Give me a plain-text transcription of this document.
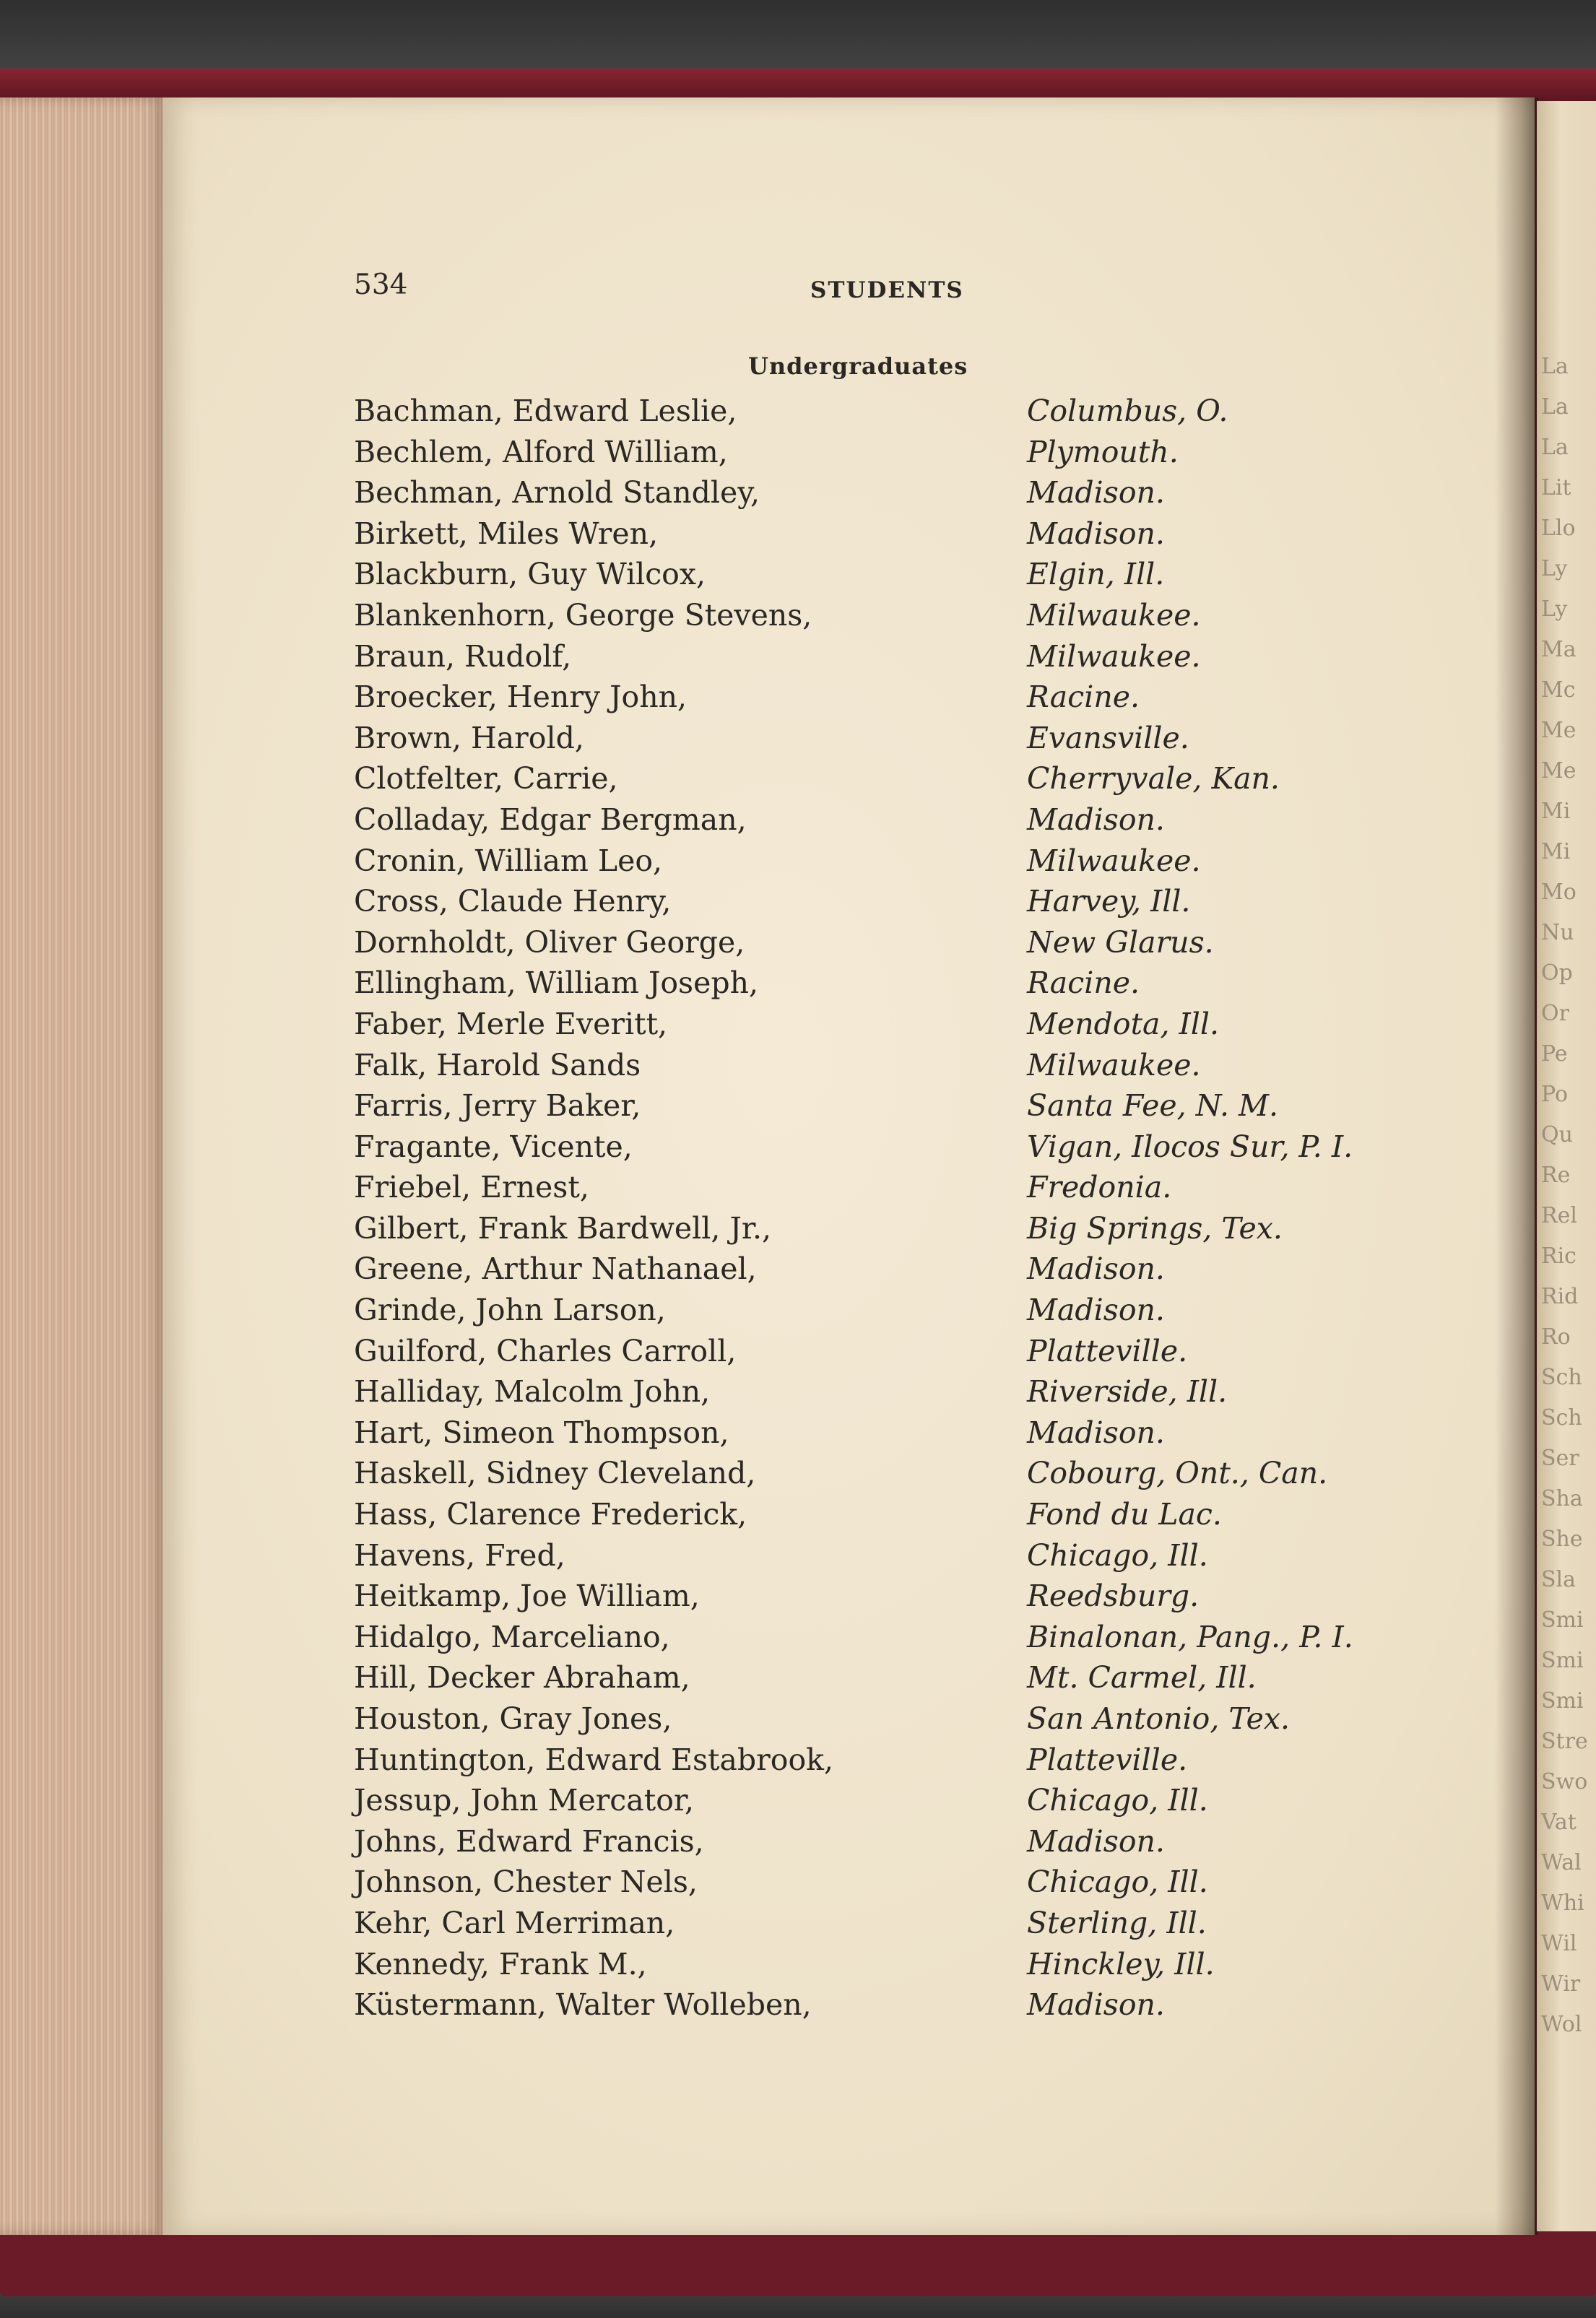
La
La
La
Lit
Llo
Ly
Ly
Ma
Mc
Me
Me
Mi
Mi
Mo
Nu
Op
Or
Pe
Po
Qu
Re
Rel
Ric
Rid
Ro
Sch
Sch
Ser
Sha
She
Sla
Smi
Smi
Smi
Stre
Swo
Vat
Wal
Whi
Wil
Wir
Wol
534	STUDENTS
Undergraduates
Bachman, Edward Leslie,	Columbus, O.
Bechlem, Alford William,	Plymouth.
Bechman, Arnold Standley,	Madison.
Birkett, Miles Wren,	Madison.
Blackburn, Guy Wilcox,	Elgin, Ill.
Blankenhorn, George Stevens,	Milwaukee.
Braun, Rudolf,	Milwaukee.
Broecker, Henry John,	Racine.
Brown, Harold,	Evansville.
Clotfelter, Carrie,	Cherryvale, Kan.
Colladay, Edgar Bergman,	Madison.
Cronin, William Leo,	Milwaukee.
Cross, Claude Henry,	Harvey, Ill.
Dornholdt, Oliver George,	New Glarus.
Ellingham, William Joseph,	Racine.
Faber, Merle Everitt,	Mendota, Ill.
Falk, Harold Sands	Milwaukee.
Farris, Jerry Baker,	Santa Fee, N. M.
Fragante, Vicente,	Vigan, Ilocos Sur, P. I.
Friebel, Ernest,	Fredonia.
Gilbert, Frank Bardwell, Jr.,	Big Springs, Tex.
Greene, Arthur Nathanael,	Madison.
Grinde, John Larson,	Madison.
Guilford, Charles Carroll,	Platteville.
Halliday, Malcolm John,	Riverside, Ill.
Hart, Simeon Thompson,	Madison.
Haskell, Sidney Cleveland,	Cobourg, Ont., Can.
Hass, Clarence Frederick,	Fond du Lac.
Havens, Fred,	Chicago, Ill.
Heitkamp, Joe William,	Reedsburg.
Hidalgo, Marceliano,	Binalonan, Pang., P. I.
Hill, Decker Abraham,	Mt. Carmel, Ill.
Houston, Gray Jones,	San Antonio, Tex.
Huntington, Edward Estabrook,	Platteville.
Jessup, John Mercator,	Chicago, Ill.
Johns, Edward Francis,	Madison.
Johnson, Chester Nels,	Chicago, Ill.
Kehr, Carl Merriman,	Sterling, Ill.
Kennedy, Frank M.,	Hinckley, Ill.
Küstermann, Walter Wolleben,	Madison.
